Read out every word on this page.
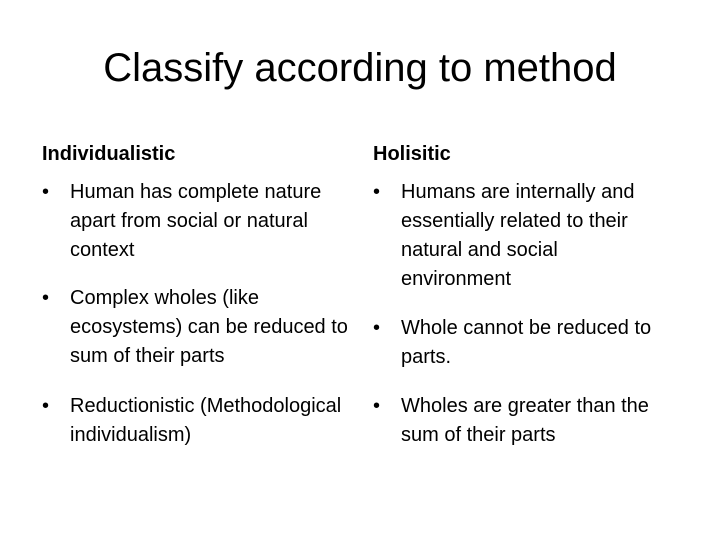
Classify according to method
Individualistic
• Human has complete nature apart from social or natural context
• Complex wholes (like ecosystems) can be reduced to sum of their parts
• Reductionistic (Methodological individualism)
Holisitic
• Humans are internally and essentially related to their natural and social environment
• Whole cannot be reduced to parts.
• Wholes are greater than the sum of their parts
